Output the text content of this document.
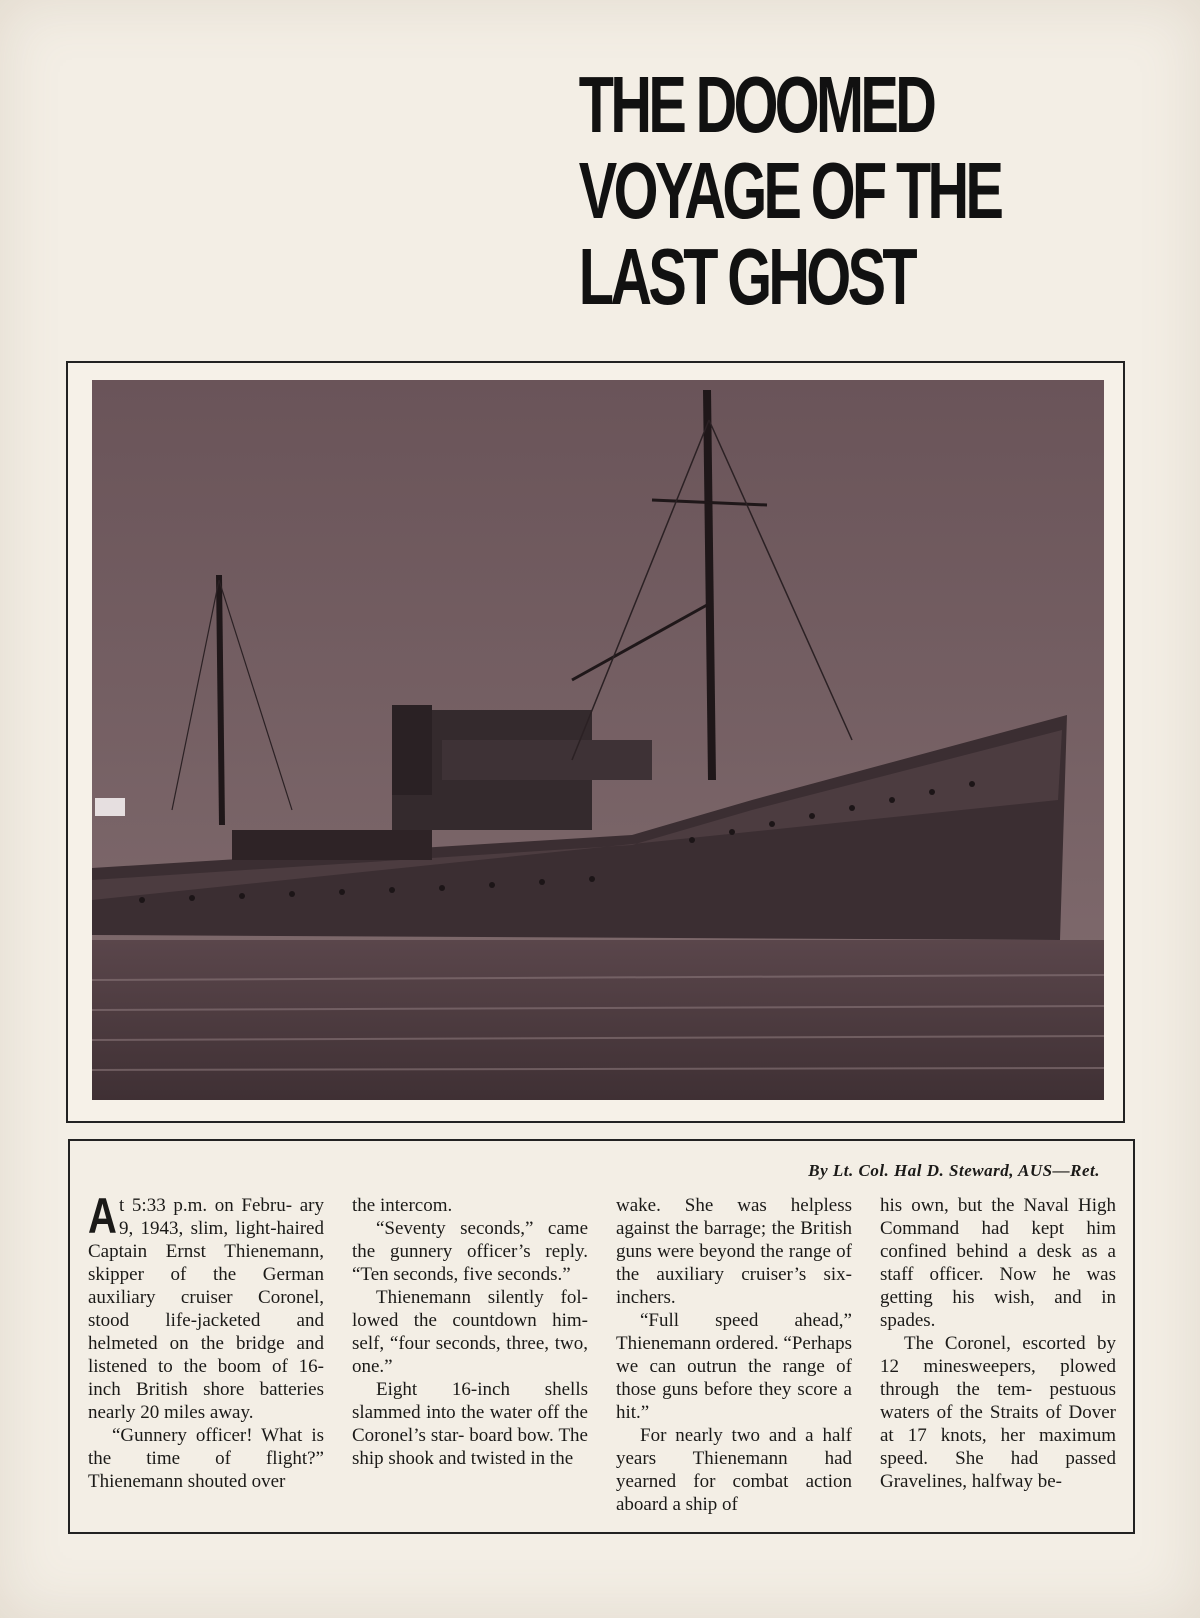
THE DOOMED
VOYAGE OF THE
LAST GHOST
By Lt. Col. Hal D. Steward, AUS—Ret.

A t 5:33 p.m. on Febru- ary 9, 1943, slim, light-haired Captain Ernst Thienemann, skipper of the German auxiliary cruiser Coronel, stood life-jacketed and helmeted on the bridge and listened to the boom of 16-inch British shore batteries nearly 20 miles away.

“Gunnery officer! What is the time of flight?” Thienemann shouted over

the intercom.

“Seventy seconds,” came the gunnery officer’s reply. “Ten seconds, five seconds.”

Thienemann silently fol- lowed the countdown him- self, “four seconds, three, two, one.”

Eight 16-inch shells slammed into the water off the Coronel’s star- board bow. The ship shook and twisted in the

wake. She was helpless against the barrage; the British guns were beyond the range of the auxiliary cruiser’s six-inchers.

“Full speed ahead,” Thienemann ordered. “Perhaps we can outrun the range of those guns before they score a hit.”

For nearly two and a half years Thienemann had yearned for combat action aboard a ship of

his own, but the Naval High Command had kept him confined behind a desk as a staff officer. Now he was getting his wish, and in spades.

The Coronel, escorted by 12 minesweepers, plowed through the tem- pestuous waters of the Straits of Dover at 17 knots, her maximum speed. She had passed Gravelines, halfway be-
